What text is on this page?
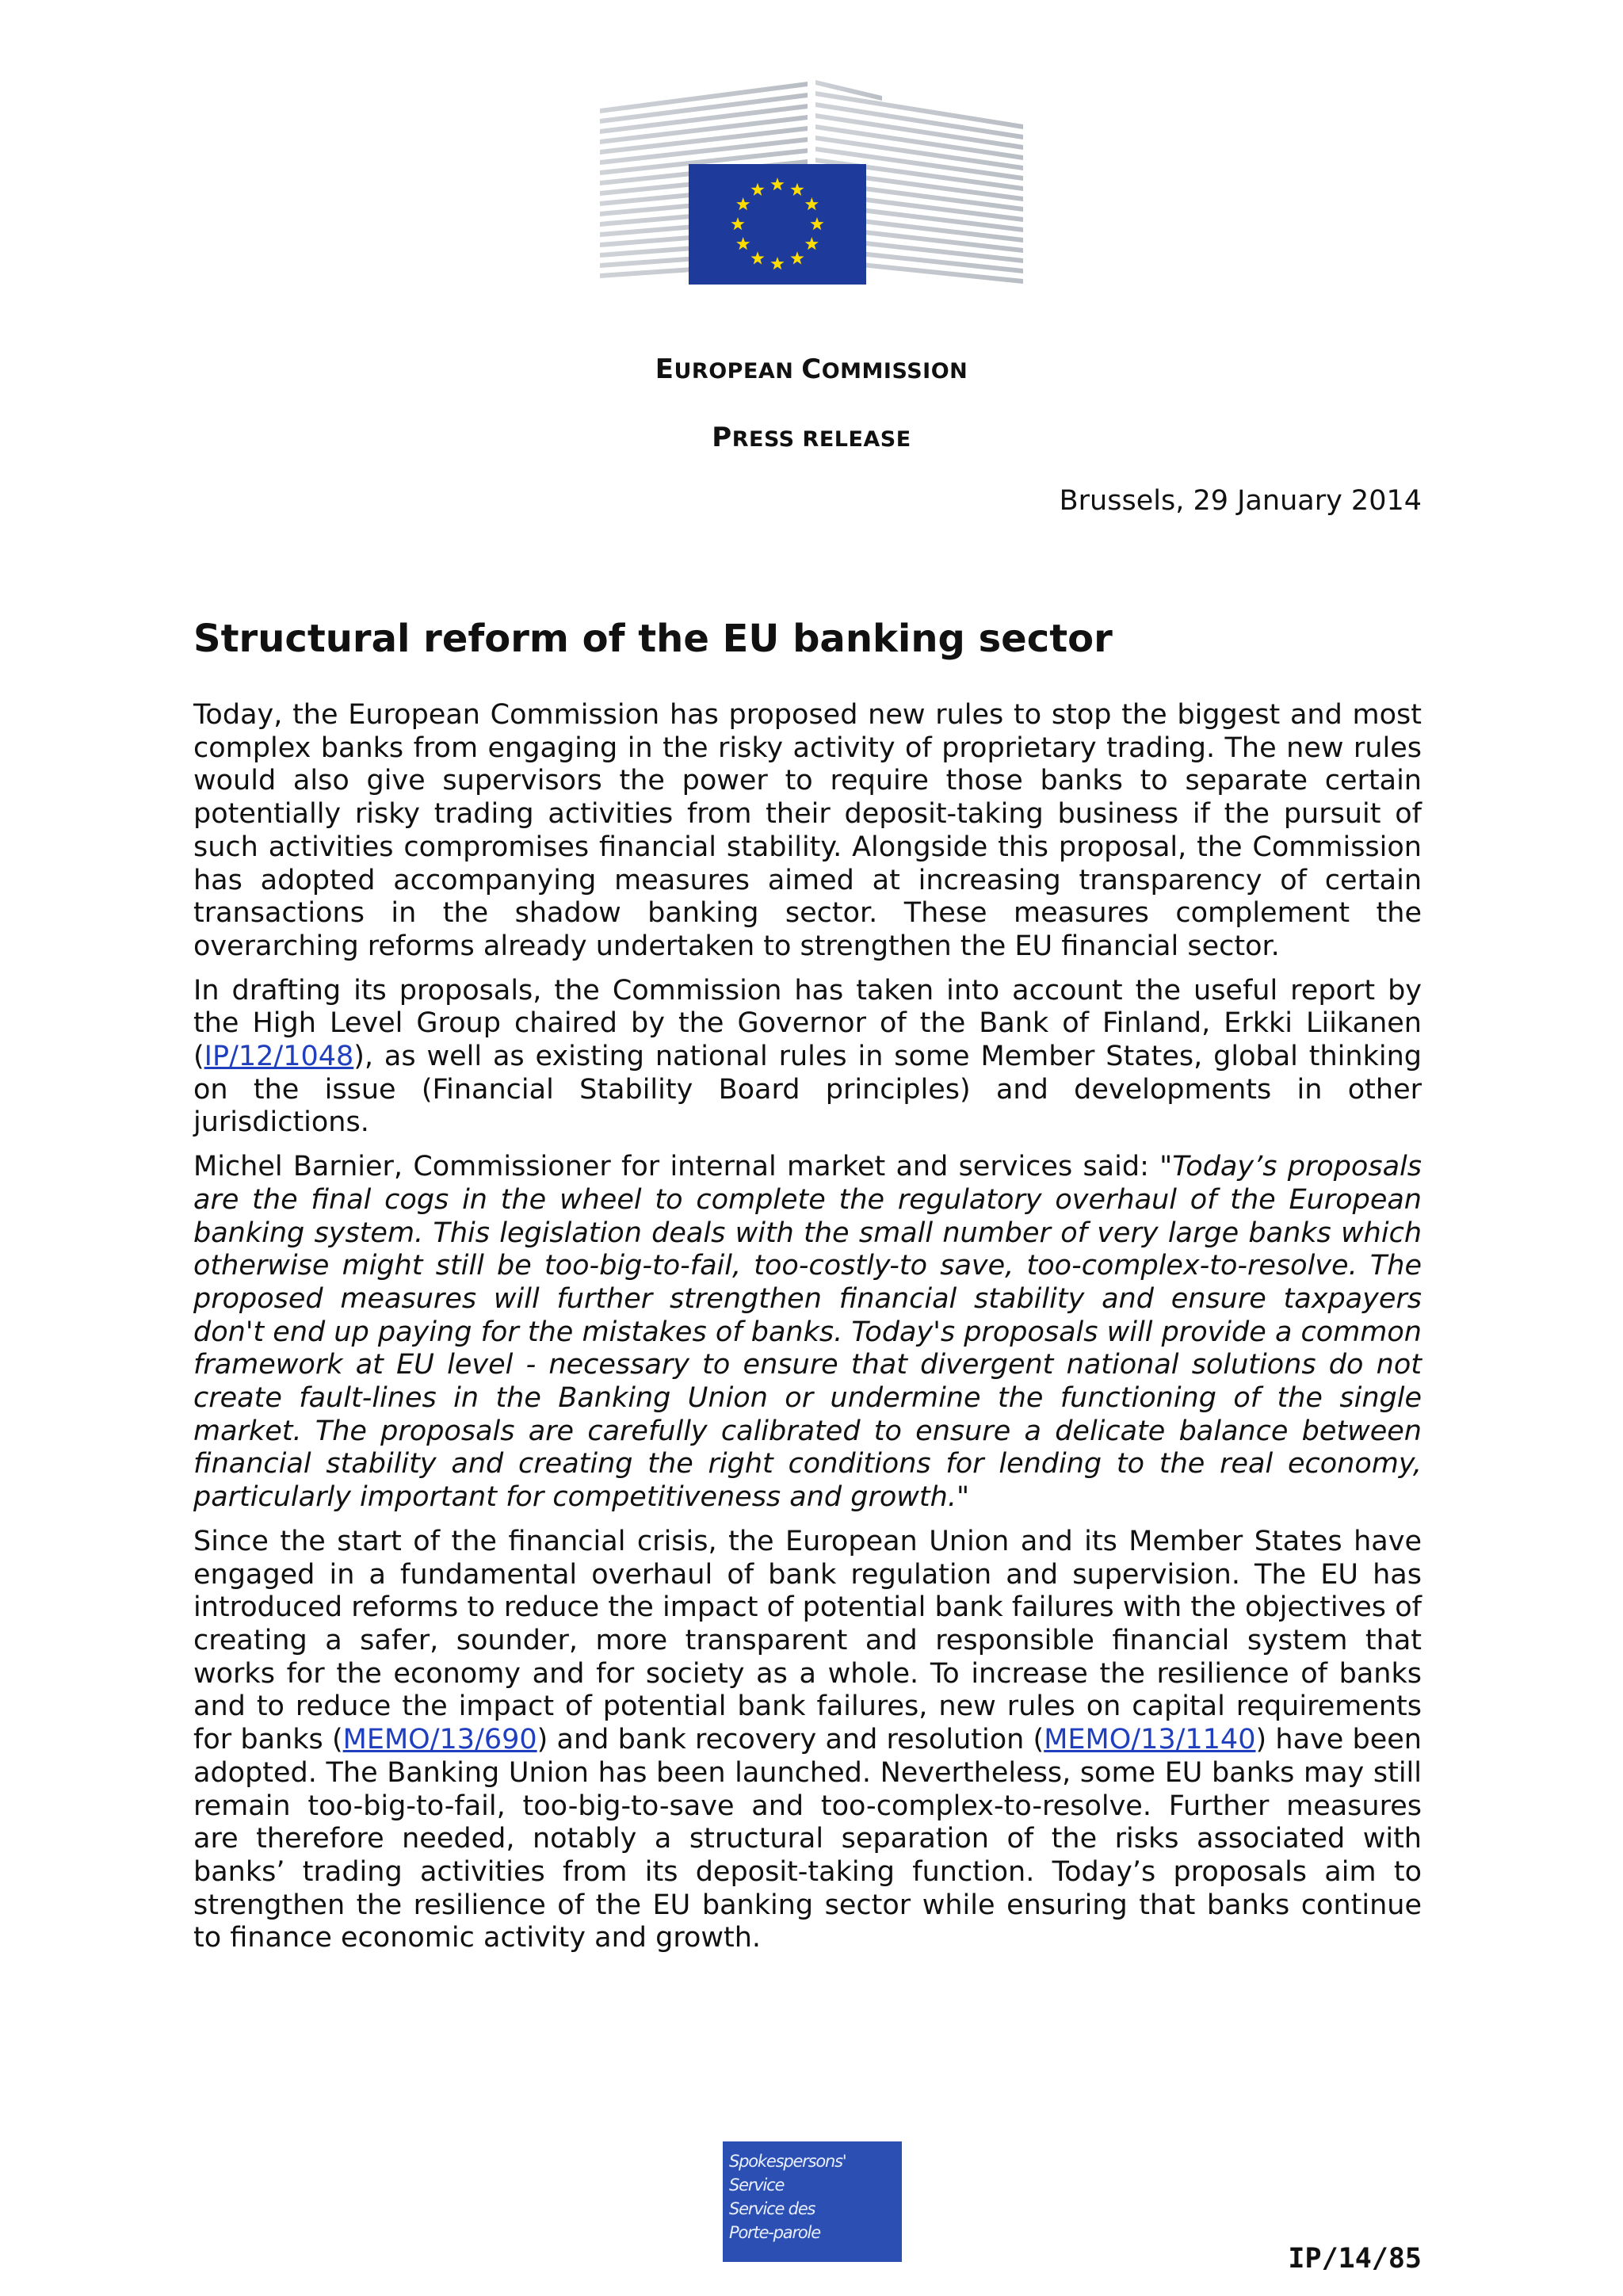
EUROPEAN COMMISSION
PRESS RELEASE
Brussels, 29 January 2014
Structural reform of the EU banking sector

Today, the European Commission has proposed new rules to stop the biggest and most complex banks from engaging in the risky activity of proprietary trading. The new rules would also give supervisors the power to require those banks to separate certain potentially risky trading activities from their deposit-taking business if the pursuit of such activities compromises financial stability. Alongside this proposal, the Commission has adopted accompanying measures aimed at increasing transparency of certain transactions in the shadow banking sector. These measures complement the overarching reforms already undertaken to strengthen the EU financial sector.

In drafting its proposals, the Commission has taken into account the useful report by the High Level Group chaired by the Governor of the Bank of Finland, Erkki Liikanen (IP/12/1048), as well as existing national rules in some Member States, global thinking on the issue (Financial Stability Board principles) and developments in other jurisdictions.

Michel Barnier, Commissioner for internal market and services said: "Today’s proposals are the final cogs in the wheel to complete the regulatory overhaul of the European banking system. This legislation deals with the small number of very large banks which otherwise might still be too-big-to-fail, too-costly-to save, too-complex-to-resolve. The proposed measures will further strengthen financial stability and ensure taxpayers don't end up paying for the mistakes of banks. Today's proposals will provide a common framework at EU level - necessary to ensure that divergent national solutions do not create fault-lines in the Banking Union or undermine the functioning of the single market. The proposals are carefully calibrated to ensure a delicate balance between financial stability and creating the right conditions for lending to the real economy, particularly important for competitiveness and growth."

Since the start of the financial crisis, the European Union and its Member States have engaged in a fundamental overhaul of bank regulation and supervision. The EU has introduced reforms to reduce the impact of potential bank failures with the objectives of creating a safer, sounder, more transparent and responsible financial system that works for the economy and for society as a whole. To increase the resilience of banks and to reduce the impact of potential bank failures, new rules on capital requirements for banks (MEMO/13/690) and bank recovery and resolution (MEMO/13/1140) have been adopted. The Banking Union has been launched. Nevertheless, some EU banks may still remain too-big-to-fail, too-big-to-save and too-complex-to-resolve. Further measures are therefore needed, notably a structural separation of the risks associated with banks’ trading activities from its deposit-taking function. Today’s proposals aim to strengthen the resilience of the EU banking sector while ensuring that banks continue to finance economic activity and growth.

Spokespersons'
Service
Service des
Porte-parole
IP/14/85
